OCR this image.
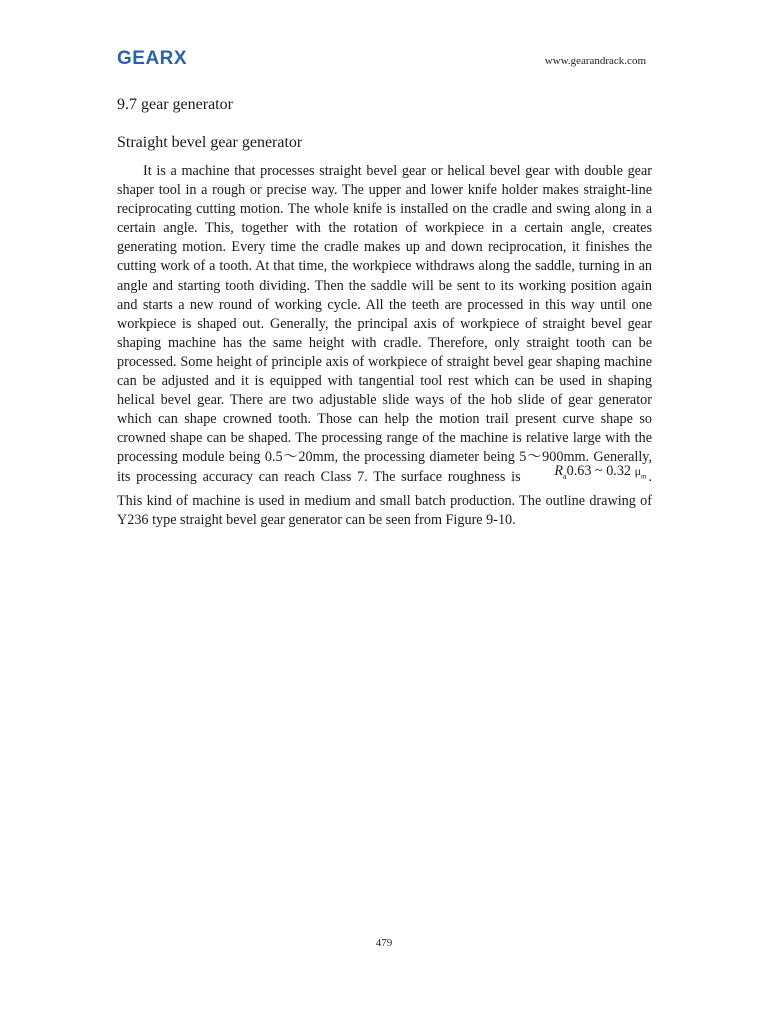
GEARX	www.gearandrack.com
9.7 gear generator
Straight bevel gear generator

It is a machine that processes straight bevel gear or helical bevel gear with double gear shaper tool in a rough or precise way. The upper and lower knife holder makes straight-line reciprocating cutting motion. The whole knife is installed on the cradle and swing along in a certain angle. This, together with the rotation of workpiece in a certain angle, creates generating motion. Every time the cradle makes up and down reciprocation, it finishes the cutting work of a tooth. At that time, the workpiece withdraws along the saddle, turning in an angle and starting tooth dividing. Then the saddle will be sent to its working position again and starts a new round of working cycle. All the teeth are processed in this way until one workpiece is shaped out. Generally, the principal axis of workpiece of straight bevel gear shaping machine has the same height with cradle. Therefore, only straight tooth can be processed. Some height of principle axis of workpiece of straight bevel gear shaping machine can be adjusted and it is equipped with tangential tool rest which can be used in shaping helical bevel gear. There are two adjustable slide ways of the hob slide of gear generator which can shape crowned tooth. Those can help the motion trail present curve shape so crowned shape can be shaped. The processing range of the machine is relative large with the processing module being 0.5～20mm, the processing diameter being 5～900mm. Generally, its processing accuracy can reach Class 7. The surface roughness is $R_a0.63$ ~ 0.32 $\mu_m$ . This kind of machine is used in medium and small batch production. The outline drawing of Y236 type straight bevel gear generator can be seen from Figure 9-10.

479
